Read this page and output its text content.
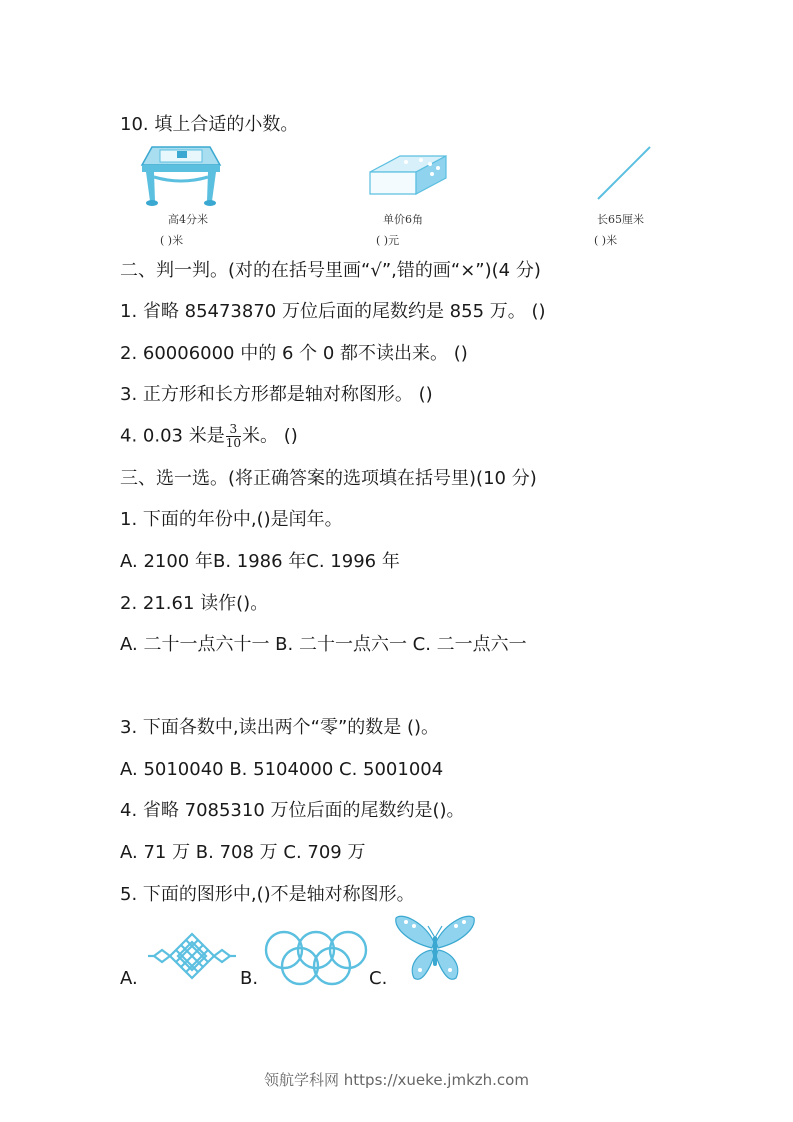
10. 填上合适的小数。
高4分米
( )米
单价6角
( )元
长65厘米
( )米
二、判一判。(对的在括号里画“√”,错的画“×”)(4 分)
1. 省略 85473870 万位后面的尾数约是 855 万。 ()
2. 60006000 中的 6 个 0 都不读出来。 ()
3. 正方形和长方形都是轴对称图形。 ()
4. 0.03 米是 $\frac{3}{10}$ 米。 ()
三、选一选。(将正确答案的选项填在括号里)(10 分)
1. 下面的年份中,()是闰年。
A. 2100 年B. 1986 年C. 1996 年
2. 21.61 读作()。
A. 二十一点六十一 B. 二十一点六一 C. 二一点六一
3. 下面各数中,读出两个“零”的数是 ()。
A. 5010040 B. 5104000 C. 5001004
4. 省略 7085310 万位后面的尾数约是()。
A. 71 万 B. 708 万 C. 709 万
5. 下面的图形中,()不是轴对称图形。
A.	B.	C.
领航学科网 https://xueke.jmkzh.com
